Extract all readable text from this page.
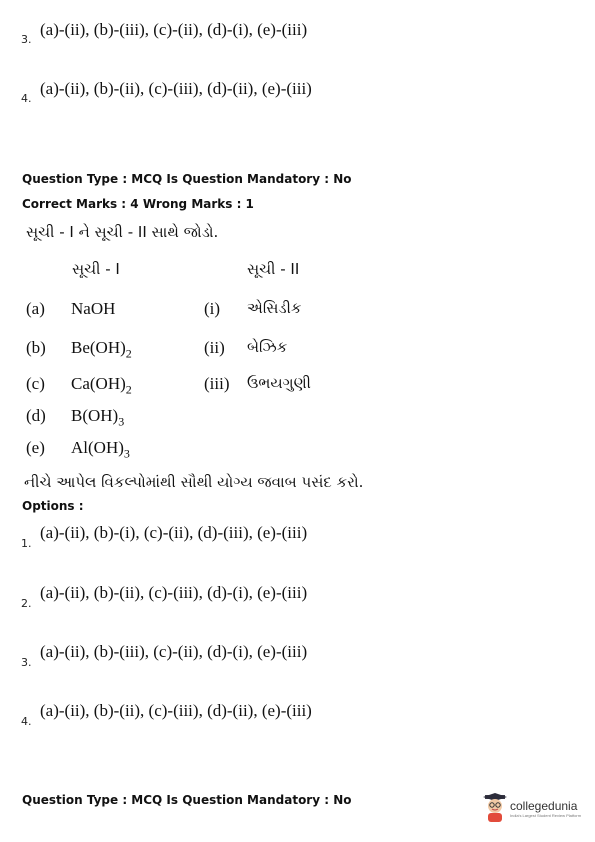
3.
(a)-(ii), (b)-(iii), (c)-(ii), (d)-(i), (e)-(iii)
4.
(a)-(ii), (b)-(ii), (c)-(iii), (d)-(ii), (e)-(iii)
Question Type : MCQ Is Question Mandatory : No
Correct Marks : 4 Wrong Marks : 1
સૂચી - I ને સૂચી - II સાથે જોડો.
સૂચી - I	સૂચી - II
(a) NaOH	(i) એસિડીક
(b) $Be(OH)_2$	(ii) બેઝિક
(c) $Ca(OH)_2$	(iii) ઉભયગુણી
(d) $B(OH)_3$
(e) $Al(OH)_3$
નીચે આપેલ વિકલ્પોમાંથી સૌથી યોગ્ય જવાબ પસંદ કરો.
Options :
1.
(a)-(ii), (b)-(i), (c)-(ii), (d)-(iii), (e)-(iii)
2.
(a)-(ii), (b)-(ii), (c)-(iii), (d)-(i), (e)-(iii)
3.
(a)-(ii), (b)-(iii), (c)-(ii), (d)-(i), (e)-(iii)
4.
(a)-(ii), (b)-(ii), (c)-(iii), (d)-(ii), (e)-(iii)
Question Type : MCQ Is Question Mandatory : No	collegedunia
India's Largest Student Review Platform
